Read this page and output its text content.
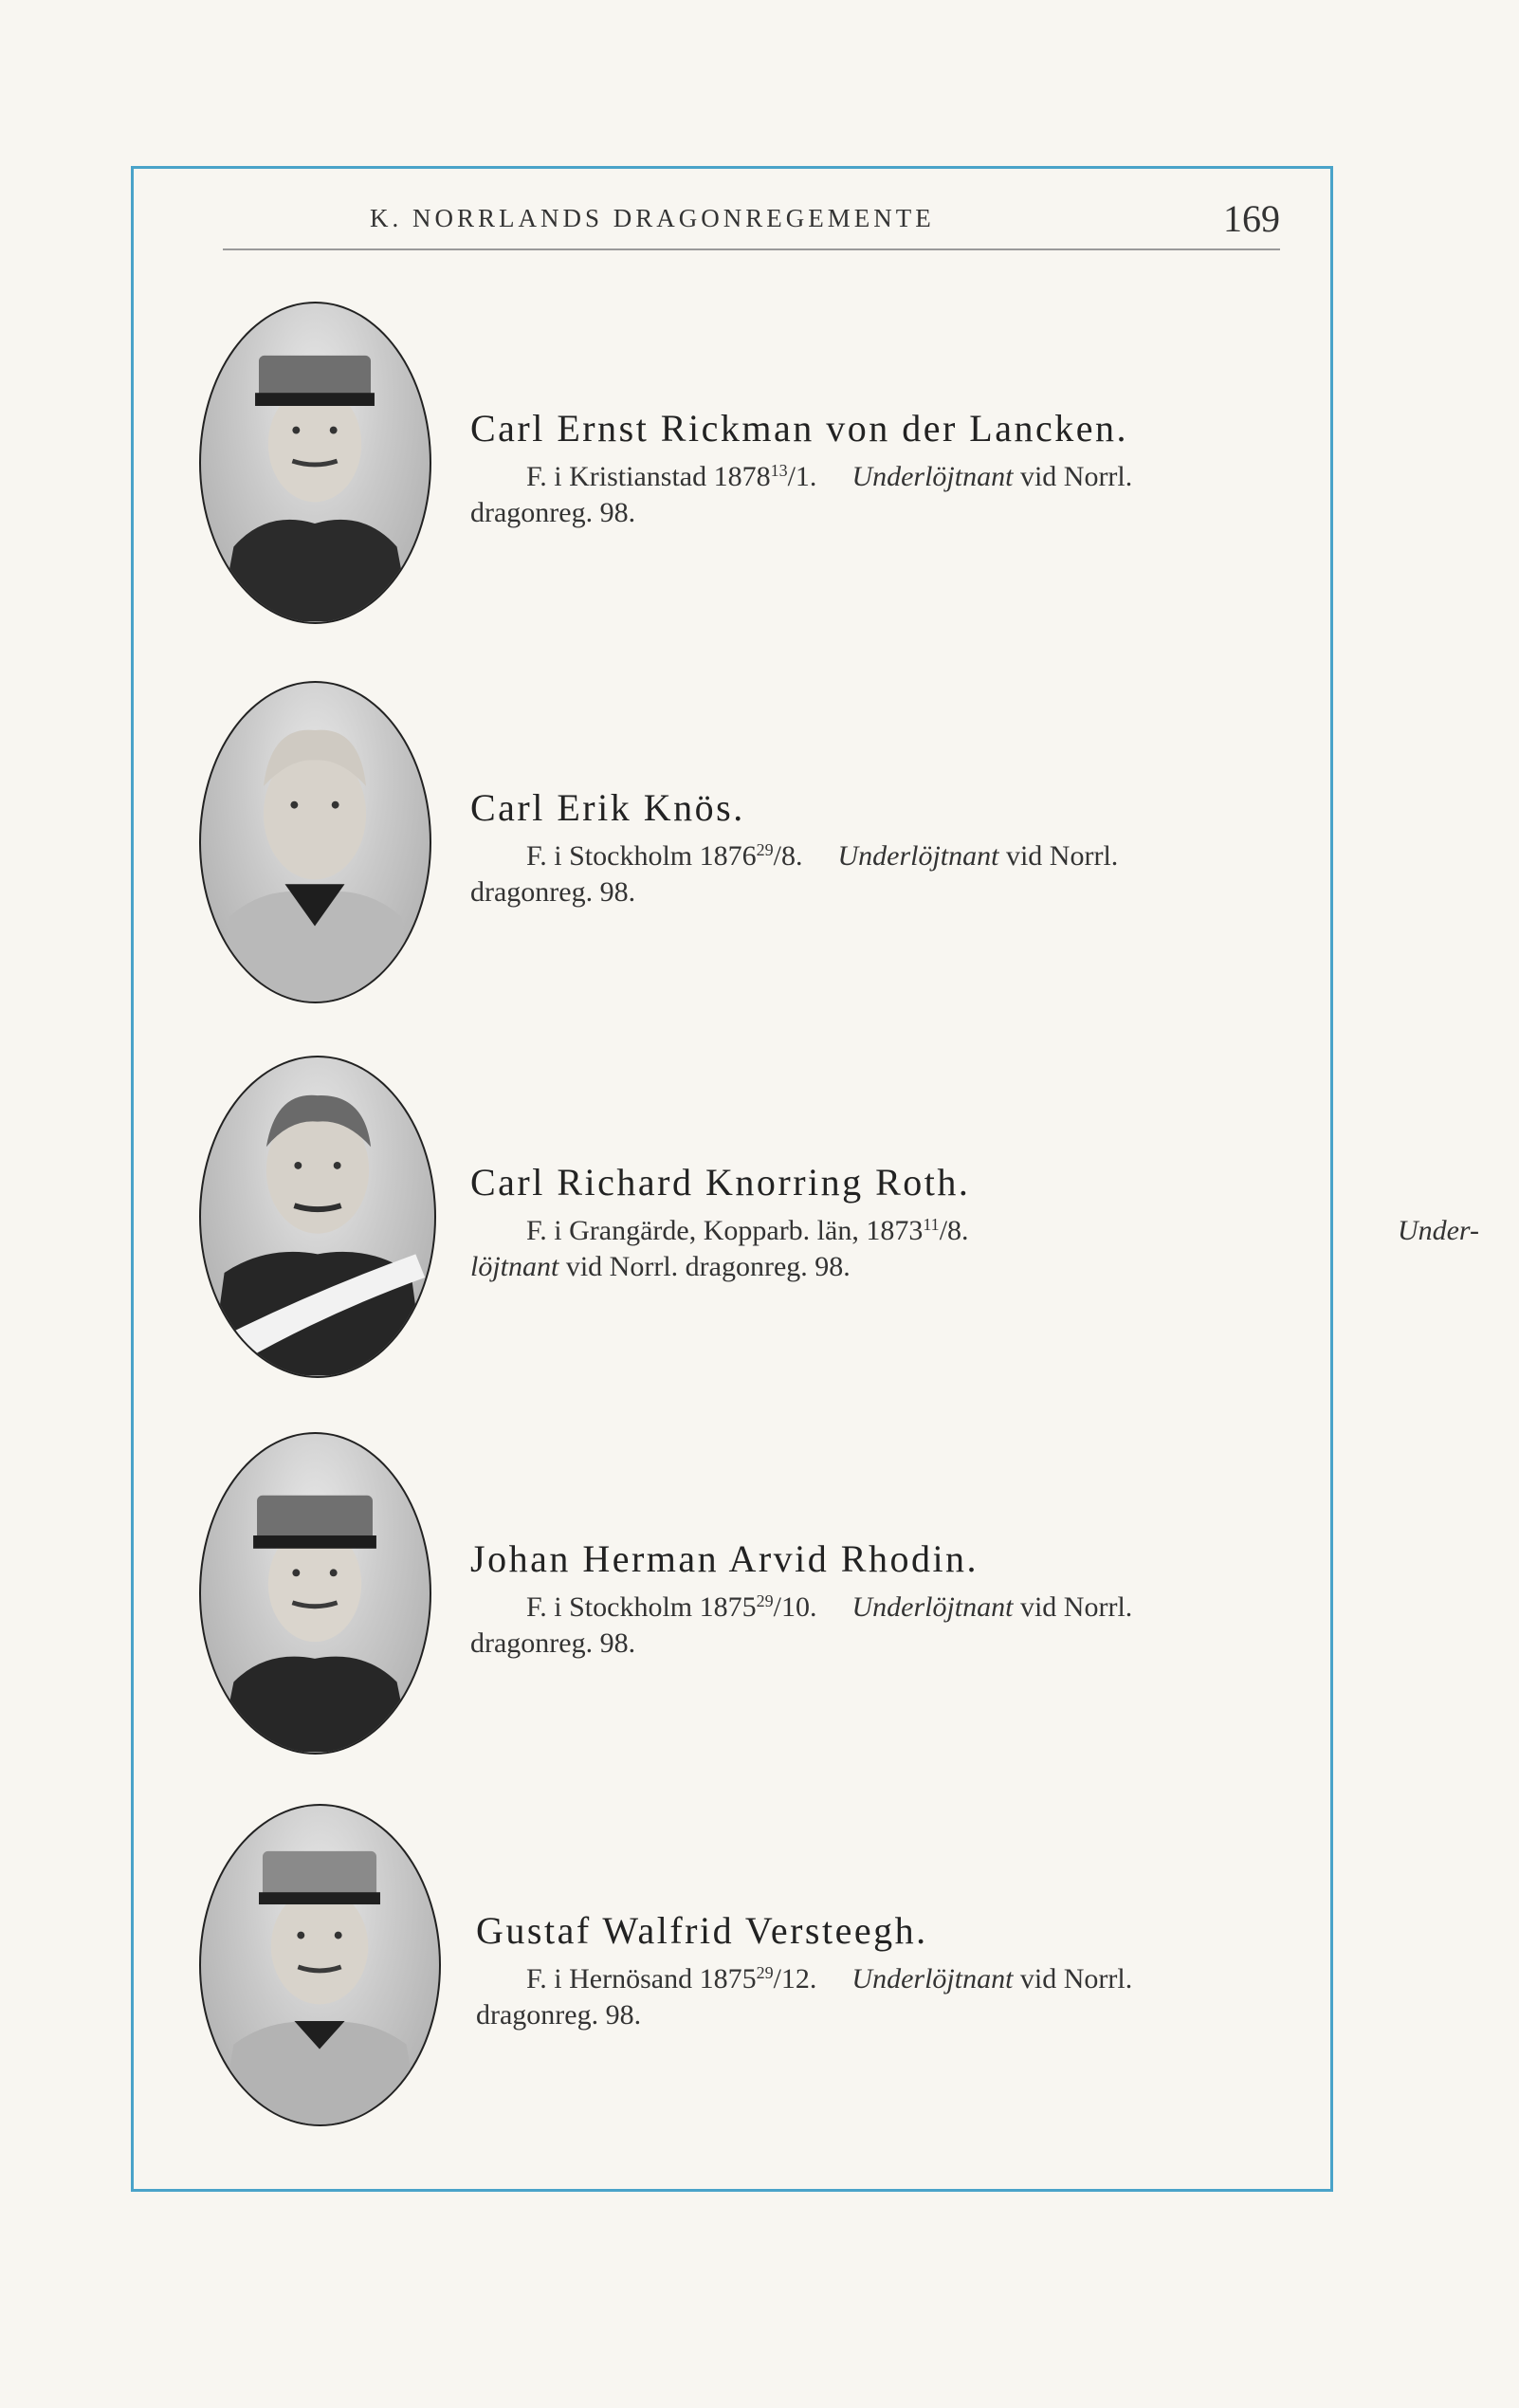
K. NORRLANDS DRAGONREGEMENTE	169
Carl Ernst Rickman von der Lancken.
F. i Kristianstad 1878$^{13}$/1. Underlöjtnant vid Norrl.
dragonreg. 98.
Carl Erik Knös.
F. i Stockholm 1876$^{29}$/8. Underlöjtnant vid Norrl.
dragonreg. 98.
Carl Richard Knorring Roth.
F. i Grangärde, Kopparb. län, 1873$^{11}$/8.	Under-
löjtnant vid Norrl. dragonreg. 98.
Johan Herman Arvid Rhodin.
F. i Stockholm 1875$^{29}$/10. Underlöjtnant vid Norrl.
dragonreg. 98.
Gustaf Walfrid Versteegh.
F. i Hernösand 1875$^{29}$/12. Underlöjtnant vid Norrl.
dragonreg. 98.
